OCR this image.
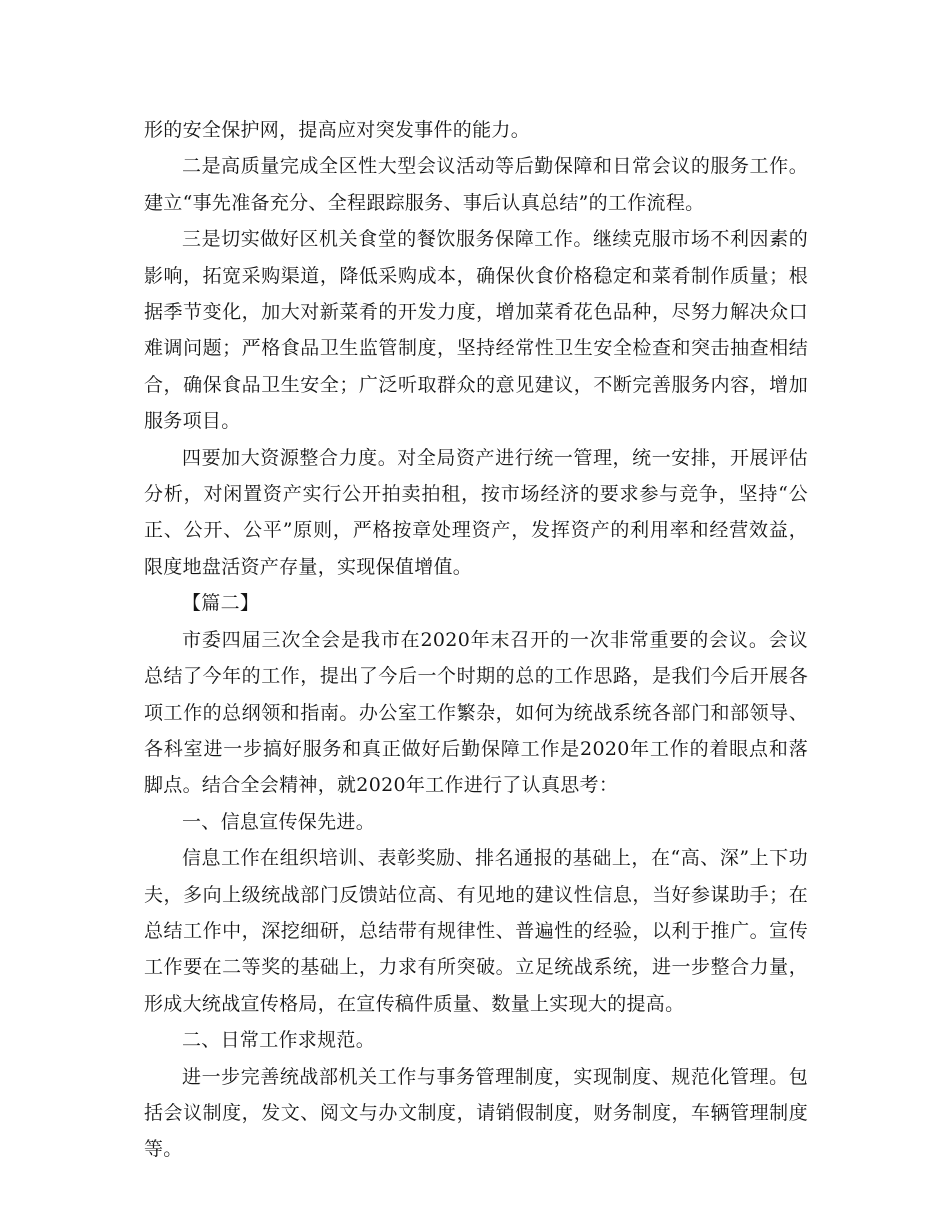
形的安全保护网，提高应对突发事件的能力。

二是高质量完成全区性大型会议活动等后勤保障和日常会议的服务工作。建立“事先准备充分、全程跟踪服务、事后认真总结”的工作流程。

三是切实做好区机关食堂的餐饮服务保障工作。继续克服市场不利因素的影响，拓宽采购渠道，降低采购成本，确保伙食价格稳定和菜肴制作质量；根据季节变化，加大对新菜肴的开发力度，增加菜肴花色品种，尽努力解决众口难调问题；严格食品卫生监管制度，坚持经常性卫生安全检查和突击抽查相结合，确保食品卫生安全；广泛听取群众的意见建议，不断完善服务内容，增加服务项目。

四要加大资源整合力度。对全局资产进行统一管理，统一安排，开展评估分析，对闲置资产实行公开拍卖拍租，按市场经济的要求参与竞争，坚持“公正、公开、公平”原则，严格按章处理资产，发挥资产的利用率和经营效益，限度地盘活资产存量，实现保值增值。

【篇二】

市委四届三次全会是我市在2020年末召开的一次非常重要的会议。会议总结了今年的工作，提出了今后一个时期的总的工作思路，是我们今后开展各项工作的总纲领和指南。办公室工作繁杂，如何为统战系统各部门和部领导、各科室进一步搞好服务和真正做好后勤保障工作是2020年工作的着眼点和落脚点。结合全会精神，就2020年工作进行了认真思考：

一、信息宣传保先进。

信息工作在组织培训、表彰奖励、排名通报的基础上，在“高、深”上下功夫，多向上级统战部门反馈站位高、有见地的建议性信息，当好参谋助手；在总结工作中，深挖细研，总结带有规律性、普遍性的经验，以利于推广。宣传工作要在二等奖的基础上，力求有所突破。立足统战系统，进一步整合力量，形成大统战宣传格局，在宣传稿件质量、数量上实现大的提高。

二、日常工作求规范。

进一步完善统战部机关工作与事务管理制度，实现制度、规范化管理。包括会议制度，发文、阅文与办文制度，请销假制度，财务制度，车辆管理制度等。
